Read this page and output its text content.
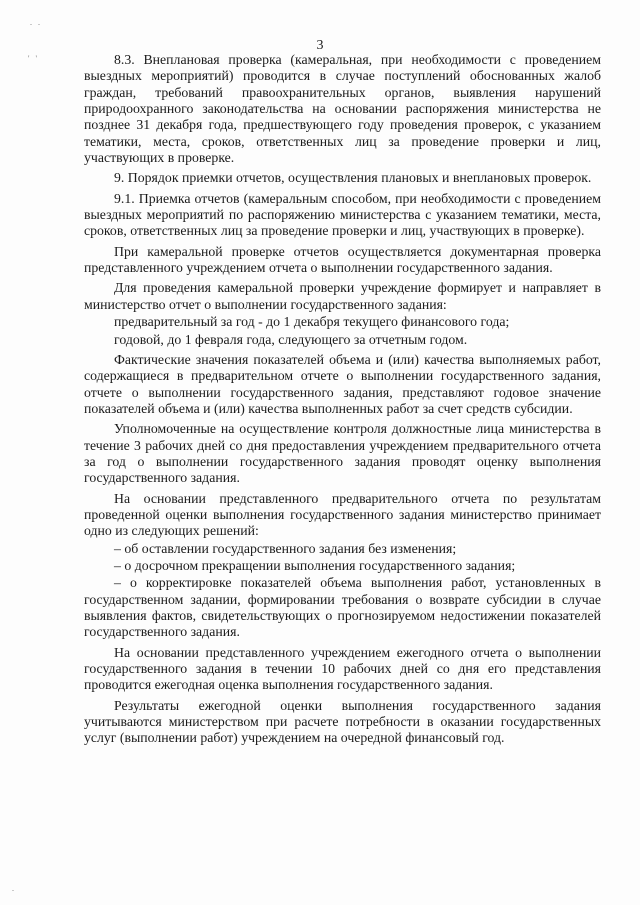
. .
' '
.
3

8.3. Внеплановая проверка (камеральная, при необходимости с проведением выездных мероприятий) проводится в случае поступлений обоснованных жалоб граждан, требований правоохранительных органов, выявления нарушений природоохранного законодательства на основании распоряжения министерства не позднее 31 декабря года, предшествующего году проведения проверок, с указанием тематики, места, сроков, ответственных лиц за проведение проверки и лиц, участвующих в проверке.

9. Порядок приемки отчетов, осуществления плановых и внеплановых проверок.

9.1. Приемка отчетов (камеральным способом, при необходимости с проведением выездных мероприятий по распоряжению министерства с указанием тематики, места, сроков, ответственных лиц за проведение проверки и лиц, участвующих в проверке).

При камеральной проверке отчетов осуществляется документарная проверка представленного учреждением отчета о выполнении государственного задания.

Для проведения камеральной проверки учреждение формирует и направляет в министерство отчет о выполнении государственного задания:

предварительный за год - до 1 декабря текущего финансового года;

годовой, до 1 февраля года, следующего за отчетным годом.

Фактические значения показателей объема и (или) качества выполняемых работ, содержащиеся в предварительном отчете о выполнении государственного задания, отчете о выполнении государственного задания, представляют годовое значение показателей объема и (или) качества выполненных работ за счет средств субсидии.

Уполномоченные на осуществление контроля должностные лица министерства в течение 3 рабочих дней со дня предоставления учреждением предварительного отчета за год о выполнении государственного задания проводят оценку выполнения государственного задания.

На основании представленного предварительного отчета по результатам проведенной оценки выполнения государственного задания министерство принимает одно из следующих решений:

– об оставлении государственного задания без изменения;

– о досрочном прекращении выполнения государственного задания;

– о корректировке показателей объема выполнения работ, установленных в государственном задании, формировании требования о возврате субсидии в случае выявления фактов, свидетельствующих о прогнозируемом недостижении показателей государственного задания.

На основании представленного учреждением ежегодного отчета о выполнении государственного задания в течении 10 рабочих дней со дня его представления проводится ежегодная оценка выполнения государственного задания.

Результаты ежегодной оценки выполнения государственного задания учитываются министерством при расчете потребности в оказании государственных услуг (выполнении работ) учреждением на очередной финансовый год.
